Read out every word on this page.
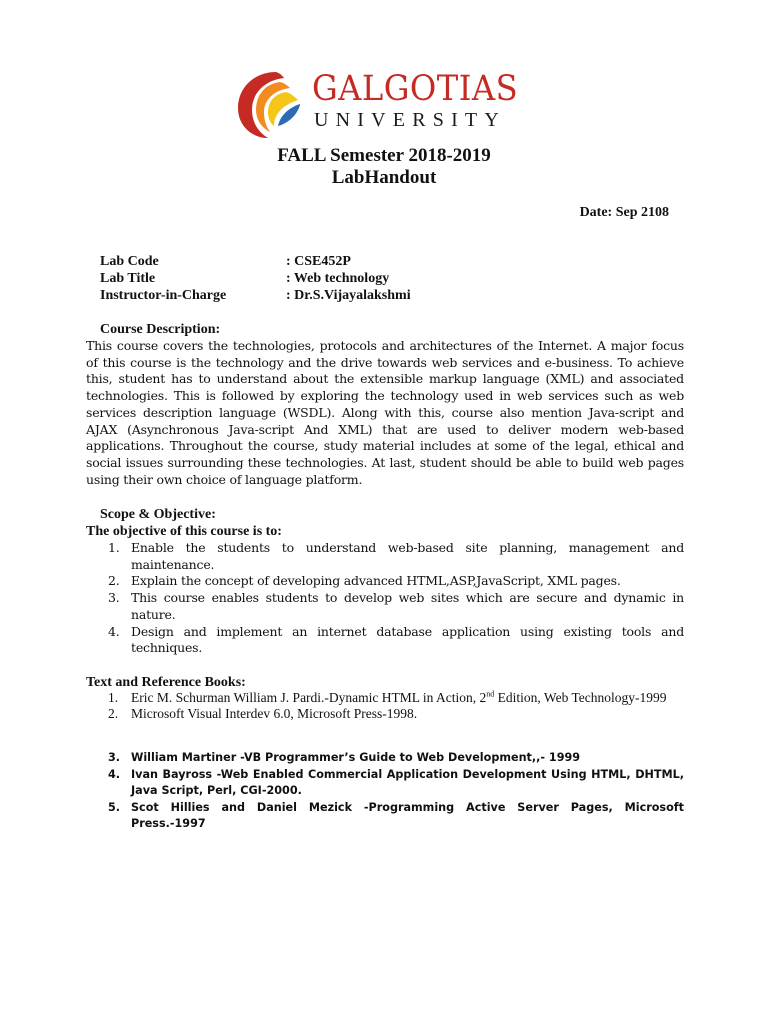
GALGOTIAS
UNIVERSITY
FALL Semester 2018-2019
LabHandout
Date: Sep 2108
Lab Code	: CSE452P
Lab Title	: Web technology
Instructor-in-Charge	: Dr.S.Vijayalakshmi
Course Description:
This course covers the technologies, protocols and architectures of the Internet. A major focus of this course is the technology and the drive towards web services and e-business. To achieve this, student has to understand about the extensible markup language (XML) and associated technologies. This is followed by exploring the technology used in web services such as web services description language (WSDL). Along with this, course also mention Java-script and AJAX (Asynchronous Java-script And XML) that are used to deliver modern web-based applications. Throughout the course, study material includes at some of the legal, ethical and social issues surrounding these technologies. At last, student should be able to build web pages using their own choice of language platform.
Scope & Objective:
The objective of this course is to:
1. Enable the students to understand web-based site planning, management and maintenance.
2. Explain the concept of developing advanced HTML,ASP,JavaScript, XML pages.
3. This course enables students to develop web sites which are secure and dynamic in nature.
4. Design and implement an internet database application using existing tools and techniques.
Text and Reference Books:
1. Eric M. Schurman William J. Pardi.-Dynamic HTML in Action, 2nd Edition, Web Technology-1999
2. Microsoft Visual Interdev 6.0, Microsoft Press-1998.
3. William Martiner -VB Programmer’s Guide to Web Development,,- 1999
4. Ivan Bayross -Web Enabled Commercial Application Development Using HTML, DHTML, Java Script, Perl, CGI-2000.
5. Scot Hillies and Daniel Mezick -Programming Active Server Pages, Microsoft Press.-1997
